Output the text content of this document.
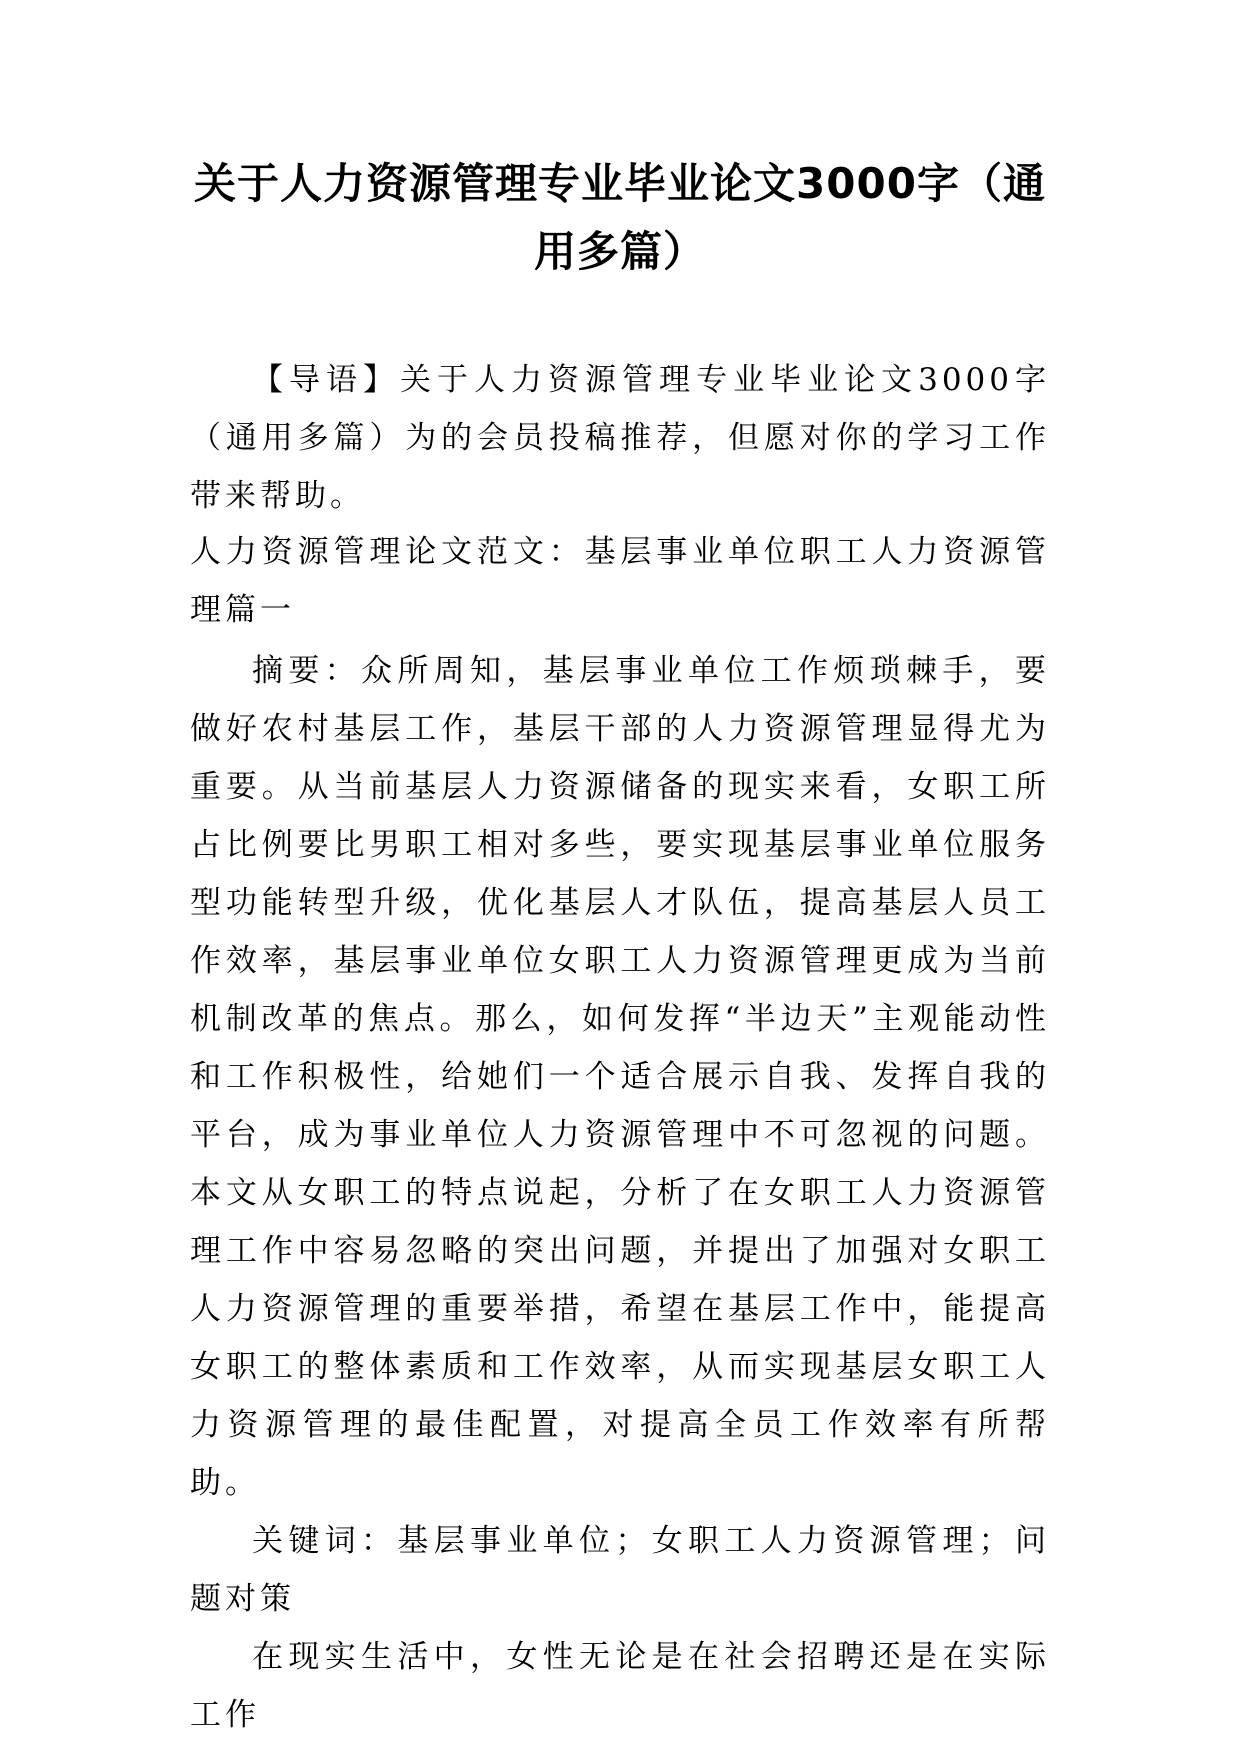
关于人力资源管理专业毕业论文3000字（通用多篇）

【导语】关于人力资源管理专业毕业论文3000字（通用多篇）为的会员投稿推荐，但愿对你的学习工作带来帮助。

人力资源管理论文范文：基层事业单位职工人力资源管理篇一

摘要：众所周知，基层事业单位工作烦琐棘手，要做好农村基层工作，基层干部的人力资源管理显得尤为重要。从当前基层人力资源储备的现实来看，女职工所占比例要比男职工相对多些，要实现基层事业单位服务型功能转型升级，优化基层人才队伍，提高基层人员工作效率，基层事业单位女职工人力资源管理更成为当前机制改革的焦点。那么，如何发挥“半边天”主观能动性和工作积极性，给她们一个适合展示自我、发挥自我的平台，成为事业单位人力资源管理中不可忽视的问题。本文从女职工的特点说起，分析了在女职工人力资源管理工作中容易忽略的突出问题，并提出了加强对女职工人力资源管理的重要举措，希望在基层工作中，能提高女职工的整体素质和工作效率，从而实现基层女职工人力资源管理的最佳配置，对提高全员工作效率有所帮助。

关键词：基层事业单位；女职工人力资源管理；问题对策

在现实生活中，女性无论是在社会招聘还是在实际工作
